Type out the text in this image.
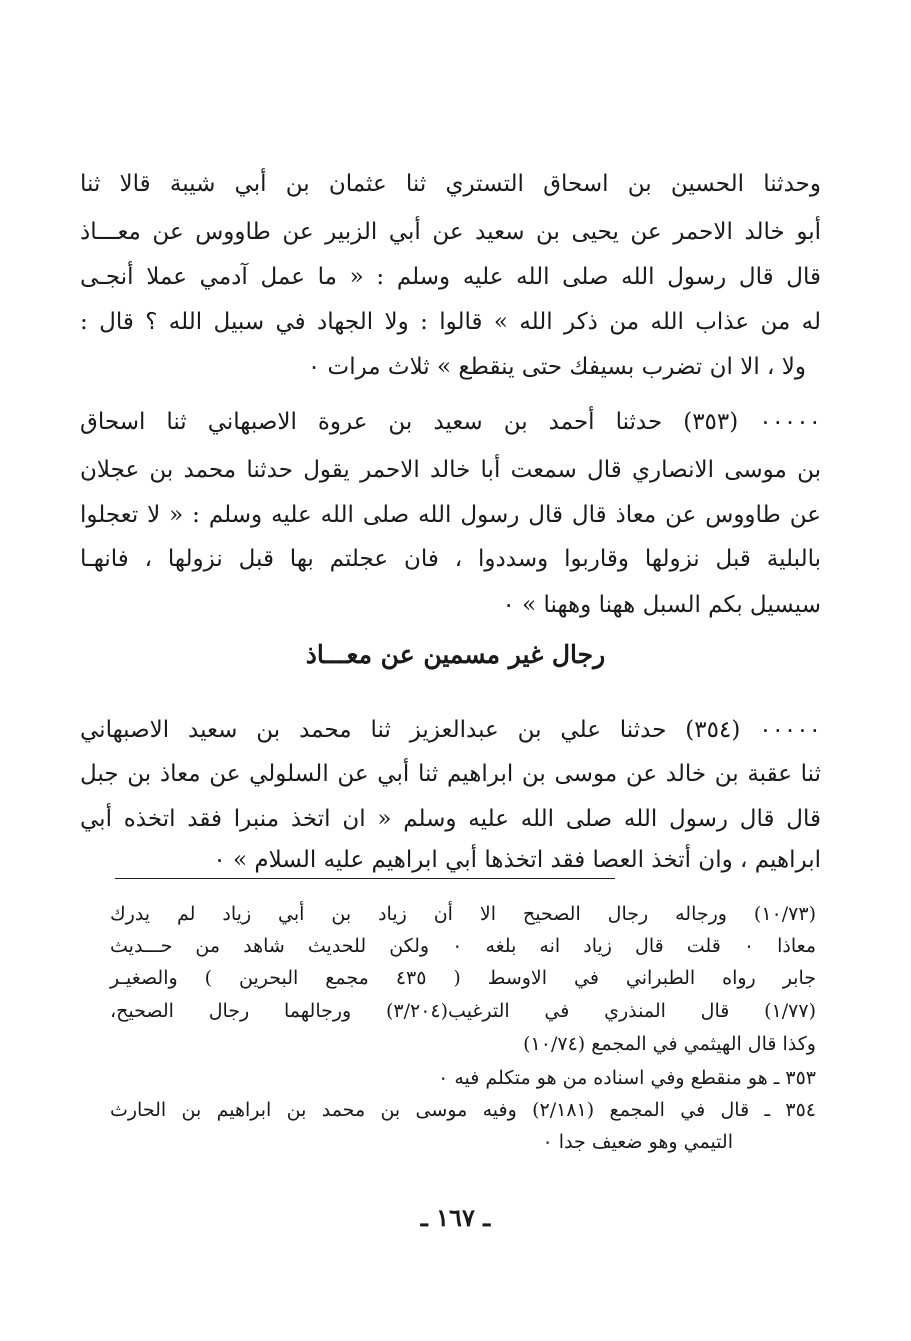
وحدثنا الحسين بن اسحاق التستري ثنا عثمان بن أبي شيبة قالا ثنا
أبو خالد الاحمر عن يحيى بن سعيد عن أبي الزبير عن طاووس عن معـــاذ
قال قال رسول الله صلى الله عليه وسلم : « ما عمل آدمي عملا أنجـى
له من عذاب الله من ذكر الله » قالوا : ولا الجهاد في سبيل الله ؟ قال :
ولا ، الا ان تضرب بسيفك حتى ينقطع » ثلاث مرات ٠
٠٠٠٠٠ (٣٥٣) حدثنا أحمد بن سعيد بن عروة الاصبهاني ثنا اسحاق
بن موسى الانصاري قال سمعت أبا خالد الاحمر يقول حدثنا محمد بن عجلان
عن طاووس عن معاذ قال قال رسول الله صلى الله عليه وسلم : « لا تعجلوا
بالبلية قبل نزولها وقاربوا وسددوا ، فان عجلتم بها قبل نزولها ، فانهـا
سيسيل بكم السبل ههنا وههنا » ٠
رجال غير مسمين عن معـــاذ
٠٠٠٠٠ (٣٥٤) حدثنا علي بن عبدالعزيز ثنا محمد بن سعيد الاصبهاني
ثنا عقبة بن خالد عن موسى بن ابراهيم ثنا أبي عن السلولي عن معاذ بن جبل
قال قال رسول الله صلى الله عليه وسلم « ان اتخذ منبرا فقد اتخذه أبي
ابراهيم ، وان أتخذ العصا فقد اتخذها أبي ابراهيم عليه السلام » ٠
(١٠/٧٣) ورجاله رجال الصحيح الا أن زياد بن أبي زياد لم يدرك
معاذا ٠ قلت قال زياد انه بلغه ٠ ولكن للحديث شاهد من حـــديث
جابر رواه الطبراني في الاوسط ( ٤٣٥ مجمع البحرين ) والصغيـر
(١/٧٧) قال المنذري في الترغيب(٣/٢٠٤) ورجالهما رجال الصحيح،
وكذا قال الهيثمي في المجمع (١٠/٧٤)
٣٥٣ ـ هو منقطع وفي اسناده من هو متكلم فيه ٠
٣٥٤ ـ قال في المجمع (٢/١٨١) وفيه موسى بن محمد بن ابراهيم بن الحارث
التيمي وهو ضعيف جدا ٠
ـ ١٦٧ ـ
